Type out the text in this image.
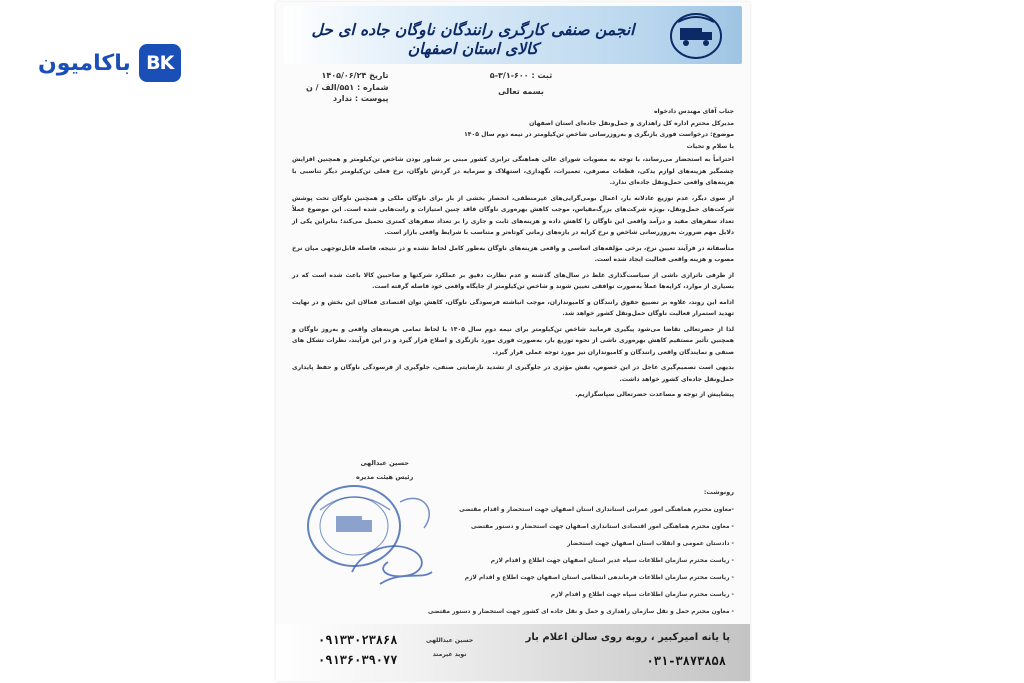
BK
باکامیون
انجمن صنفی کارگری رانندگان ناوگان جاده ای حل کالای استان اصفهان
ثبت : ۶۰۰-۳/۱-۵
بسمه تعالی
تاریخ ۱۴۰۵/۰۶/۲۴
شماره : ۵۵۱/الف / ن
پیوست : ندارد

جناب آقای مهندس دادخواه

مدیرکل محترم اداره کل راهداری و حمل‌ونقل جاده‌ای استان اصفهان

موضوع: درخواست فوری بازنگری و به‌روزرسانی شاخص تن‌کیلومتر در نیمه دوم سال ۱۴۰۵

با سلام و تحیات

احتراماً به استحضار می‌رساند، با توجه به مصوبات شورای عالی هماهنگی ترابری کشور مبنی بر شناور بودن شاخص تن‌کیلومتر و همچنین افزایش چشمگیر هزینه‌های لوازم یدکی، قطعات مصرفی، تعمیرات، نگهداری، استهلاک و سرمایه در گردش ناوگان، نرخ فعلی تن‌کیلومتر دیگر تناسبی با هزینه‌های واقعی حمل‌ونقل جاده‌ای ندارد.

از سوی دیگر، عدم توزیع عادلانه بار، اعمال بومی‌گرایی‌های غیرمنطقی، انحصار بخشی از بار برای ناوگان ملکی و همچنین ناوگان تحت پوشش شرکت‌های حمل‌ونقل، بویژه شرکت‌های بزرگ‌مقیاس، موجب کاهش بهره‌وری ناوگان فاقد چنین امتیازات و رانت‌هایی شده است. این موضوع عملاً تعداد سفرهای مفید و درآمد واقعی این ناوگان را کاهش داده و هزینه‌های ثابت و جاری را بر تعداد سفرهای کمتری تحمیل می‌کند؛ بنابراین یکی از دلایل مهم ضرورت به‌روزرسانی شاخص و نرخ کرایه در بازه‌های زمانی کوتاه‌تر و متناسب با شرایط واقعی بازار است.

متأسفانه در فرآیند تعیین نرخ، برخی مؤلفه‌های اساسی و واقعی هزینه‌های ناوگان به‌طور کامل لحاظ نشده و در نتیجه، فاصله قابل‌توجهی میان نرخ مصوب و هزینه واقعی فعالیت ایجاد شده است.

از طرفی ناترازی ناشی از سیاست‌گذاری غلط در سال‌های گذشته و عدم نظارت دقیق بر عملکرد شرکتها و صاحبین کالا باعث شده است که در بسیاری از موارد، کرایه‌ها عملاً به‌صورت توافقی تعیین شوند و شاخص تن‌کیلومتر از جایگاه واقعی خود فاصله گرفته است.

ادامه این روند، علاوه بر تضییع حقوق رانندگان و کامیونداران، موجب انباشته فرسودگی ناوگان، کاهش توان اقتصادی فعالان این بخش و در نهایت تهدید استمرار فعالیت ناوگان حمل‌ونقل کشور خواهد شد.

لذا از حضرتعالی تقاضا می‌شود پیگیری فرمایید شاخص تن‌کیلومتر برای نیمه دوم سال ۱۴۰۵ با لحاظ تمامی هزینه‌های واقعی و به‌روز ناوگان و همچنین تأثیر مستقیم کاهش بهره‌وری ناشی از نحوه توزیع بار، به‌صورت فوری مورد بازنگری و اصلاح قرار گیرد و در این فرآیند، نظرات تشکل های صنفی و نمایندگان واقعی رانندگان و کامیونداران نیز مورد توجه عملی قرار گیرد.

بدیهی است تصمیم‌گیری عاجل در این خصوص، نقش مؤثری در جلوگیری از تشدید نارضایتی صنفی، جلوگیری از فرسودگی ناوگان و حفظ پایداری حمل‌ونقل جاده‌ای کشور خواهد داشت.

پیشاپیش از توجه و مساعدت حضرتعالی سپاسگزاریم.

حسین عبدالهی
رئیس هیئت مدیره
رونوشت:
-معاون محترم هماهنگی امور عمرانی استانداری استان اصفهان جهت استحضار و اقدام مقتضی
- معاون محترم هماهنگی امور اقتصادی استانداری اصفهان جهت استحضار و دستور مقتضی
- دادستان عمومی و انقلاب استان اصفهان جهت استحضار
- ریاست محترم سازمان اطلاعات سپاه غدیر استان اصفهان جهت اطلاع و اقدام لازم
- ریاست محترم سازمان اطلاعات فرماندهی انتظامی استان اصفهان جهت اطلاع و اقدام لازم
- ریاست محترم سازمان اطلاعات سپاه جهت اطلاع و اقدام لازم
- معاون محترم حمل و نقل سازمان راهداری و حمل و نقل جاده ای کشور جهت استحضار و دستور مقتضی
۰۹۱۳۳۰۲۳۸۶۸
۰۹۱۳۶۰۳۹۰۷۷
حسین عبداللهی
نوید غیرمند
پا یانه امیرکبیر ، روبه روی سالن اعلام بار
۰۳۱-۳۸۷۳۸۵۸
